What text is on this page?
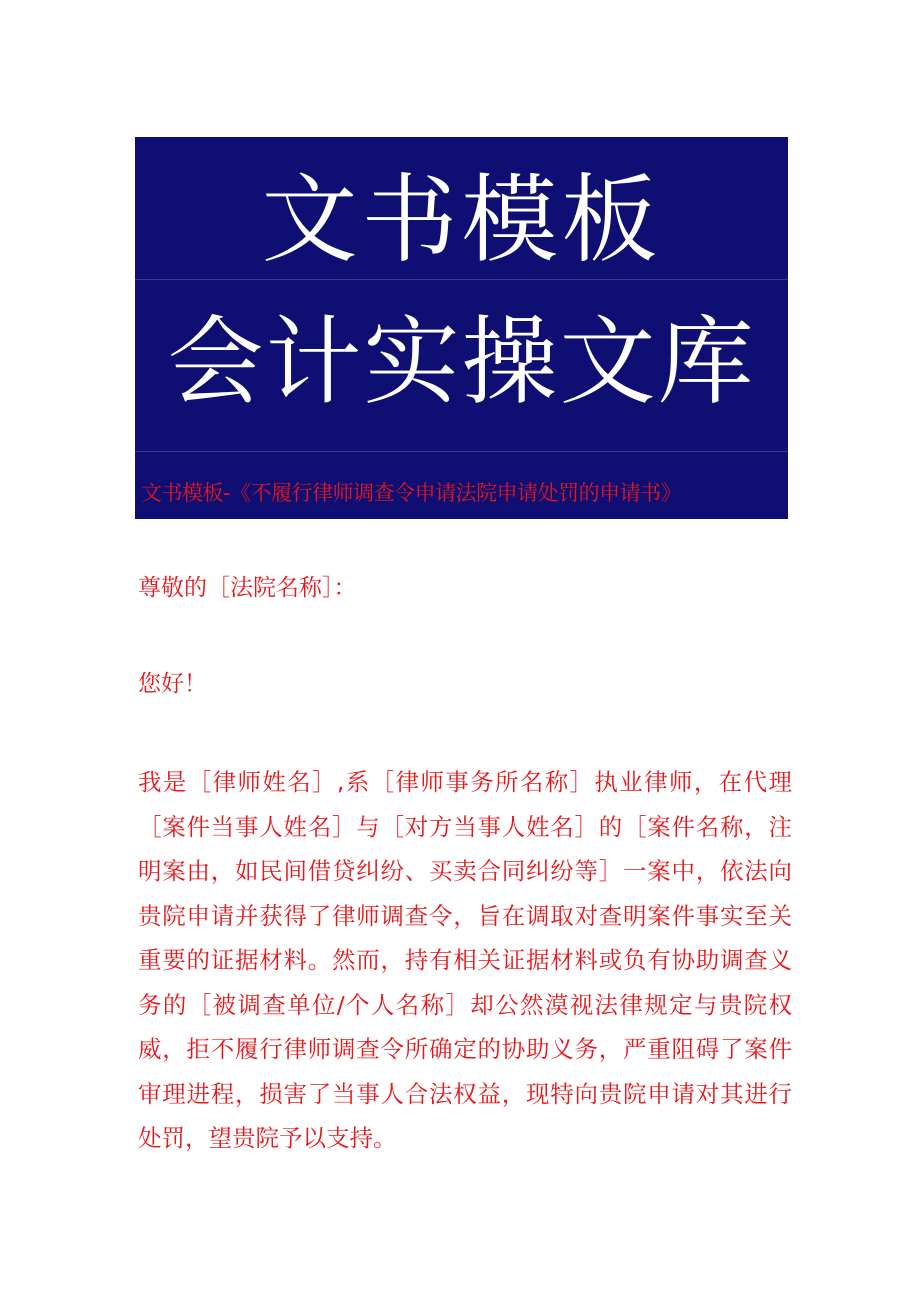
文书模板
会计实操文库
文书模板-《不履行律师调查令申请法院申请处罚的申请书》

尊敬的［法院名称］：

您好！

我是［律师姓名］,系［律师事务所名称］执业律师，在代理［案件当事人姓名］与［对方当事人姓名］的［案件名称，注明案由，如民间借贷纠纷、买卖合同纠纷等］一案中，依法向贵院申请并获得了律师调查令，旨在调取对查明案件事实至关重要的证据材料。然而，持有相关证据材料或负有协助调查义务的［被调查单位/个人名称］却公然漠视法律规定与贵院权威，拒不履行律师调查令所确定的协助义务，严重阻碍了案件审理进程，损害了当事人合法权益，现特向贵院申请对其进行处罚，望贵院予以支持。
